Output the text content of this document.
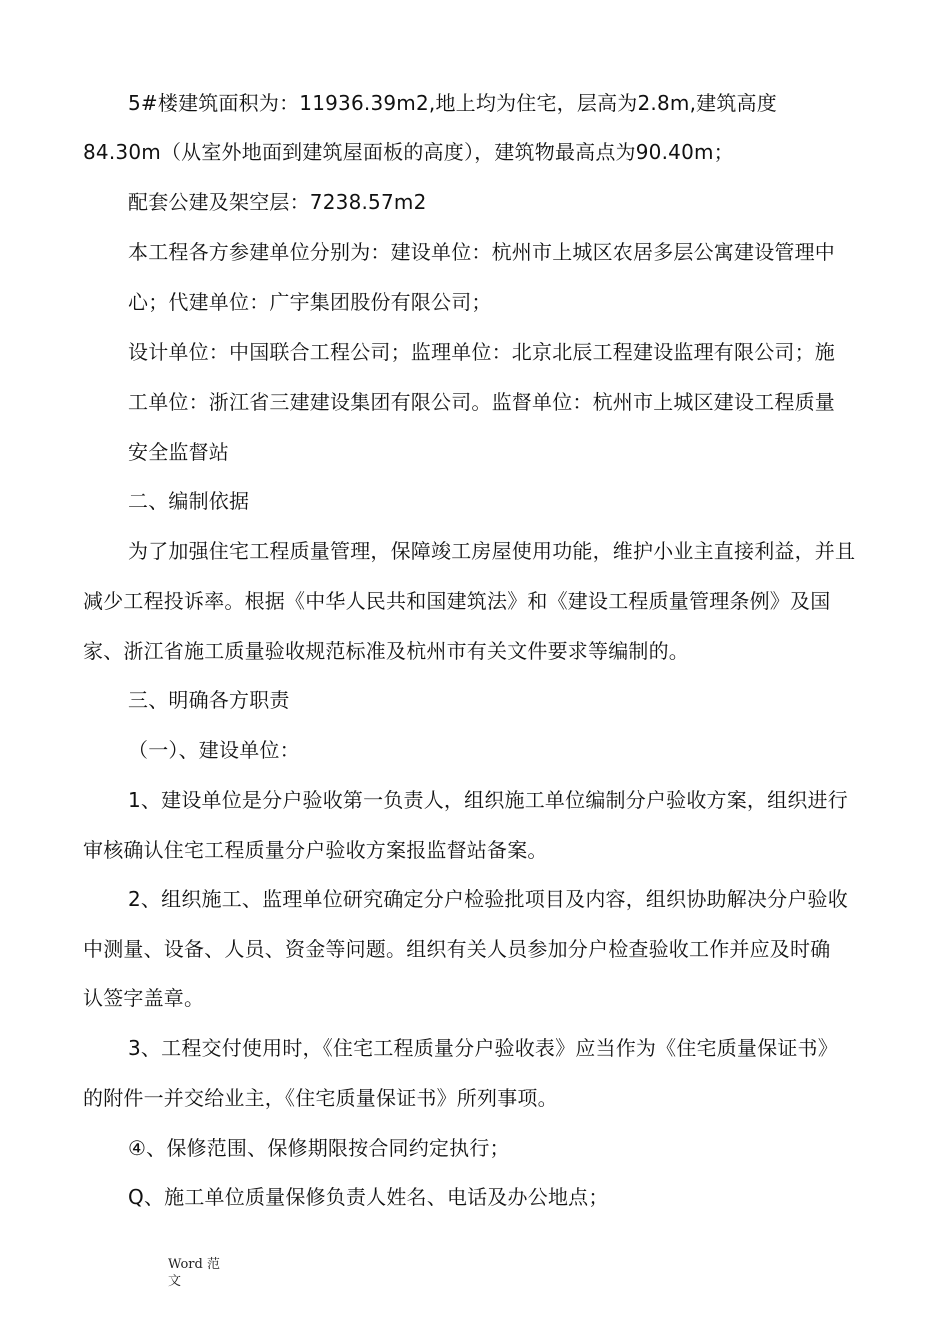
5#楼建筑面积为：11936.39m2,地上均为住宅，层高为2.8m,建筑高度
84.30m（从室外地面到建筑屋面板的高度），建筑物最高点为90.40m；
配套公建及架空层：7238.57m2
本工程各方参建单位分别为：建设单位：杭州市上城区农居多层公寓建设管理中
心；代建单位：广宇集团股份有限公司；
设计单位：中国联合工程公司；监理单位：北京北辰工程建设监理有限公司；施
工单位：浙江省三建建设集团有限公司。监督单位：杭州市上城区建设工程质量
安全监督站
二、编制依据
为了加强住宅工程质量管理，保障竣工房屋使用功能，维护小业主直接利益，并且
减少工程投诉率。根据《中华人民共和国建筑法》和《建设工程质量管理条例》及国
家、浙江省施工质量验收规范标准及杭州市有关文件要求等编制的。
三、明确各方职责
（一）、建设单位：
1、建设单位是分户验收第一负责人，组织施工单位编制分户验收方案，组织进行
审核确认住宅工程质量分户验收方案报监督站备案。
2、组织施工、监理单位研究确定分户检验批项目及内容，组织协助解决分户验收
中测量、设备、人员、资金等问题。组织有关人员参加分户检查验收工作并应及时确
认签字盖章。
3、工程交付使用时，《住宅工程质量分户验收表》应当作为《住宅质量保证书》
的附件一并交给业主，《住宅质量保证书》所列事项。
④、保修范围、保修期限按合同约定执行；
Q、施工单位质量保修负责人姓名、电话及办公地点；
Word 范
文
